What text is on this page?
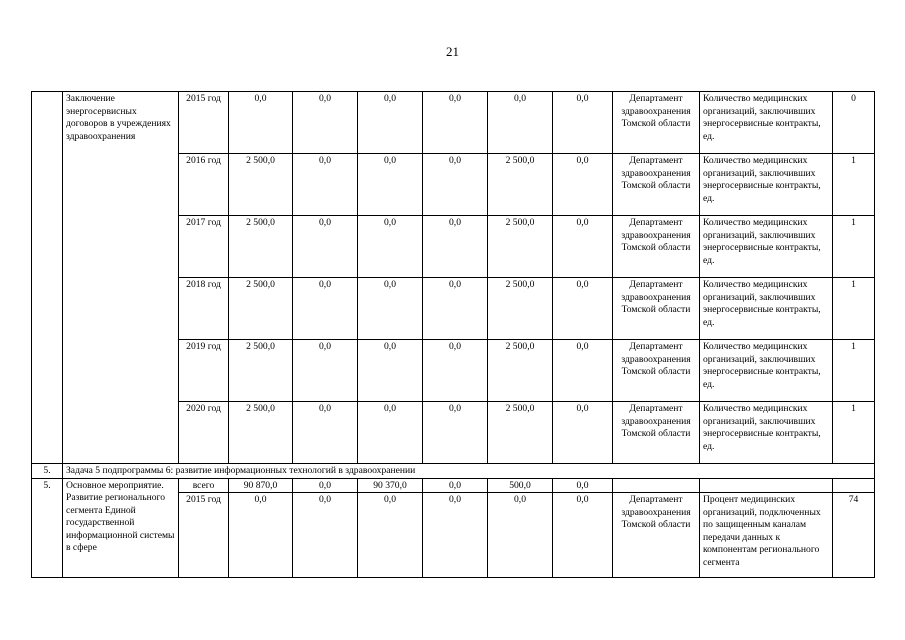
21
	Заключение энергосервисных договоров в учреждениях здравоохранения	2015 год	0,0	0,0	0,0	0,0	0,0	0,0	Департамент здравоохранения Томской области	Количество медицинских организаций, заключивших энергосервисные контракты, ед.	0
		2016 год	2 500,0	0,0	0,0	0,0	2 500,0	0,0	Департамент здравоохранения Томской области	Количество медицинских организаций, заключивших энергосервисные контракты, ед.	1
		2017 год	2 500,0	0,0	0,0	0,0	2 500,0	0,0	Департамент здравоохранения Томской области	Количество медицинских организаций, заключивших энергосервисные контракты, ед.	1
		2018 год	2 500,0	0,0	0,0	0,0	2 500,0	0,0	Департамент здравоохранения Томской области	Количество медицинских организаций, заключивших энергосервисные контракты, ед.	1
		2019 год	2 500,0	0,0	0,0	0,0	2 500,0	0,0	Департамент здравоохранения Томской области	Количество медицинских организаций, заключивших энергосервисные контракты, ед.	1
		2020 год	2 500,0	0,0	0,0	0,0	2 500,0	0,0	Департамент здравоохранения Томской области	Количество медицинских организаций, заключивших энергосервисные контракты, ед.	1
5.	Задача 5 подпрограммы 6: развитие информационных технологий в здравоохранении										
5.	Основное мероприятие. Развитие регионального сегмента Единой государственной информационной системы в сфере	всего	90 870,0	0,0	90 370,0	0,0	500,0	0,0			
		2015 год	0,0	0,0	0,0	0,0	0,0	0,0	Департамент здравоохранения Томской области	Процент медицинских организаций, подключенных по защищенным каналам передачи данных к компонентам регионального сегмента	74
